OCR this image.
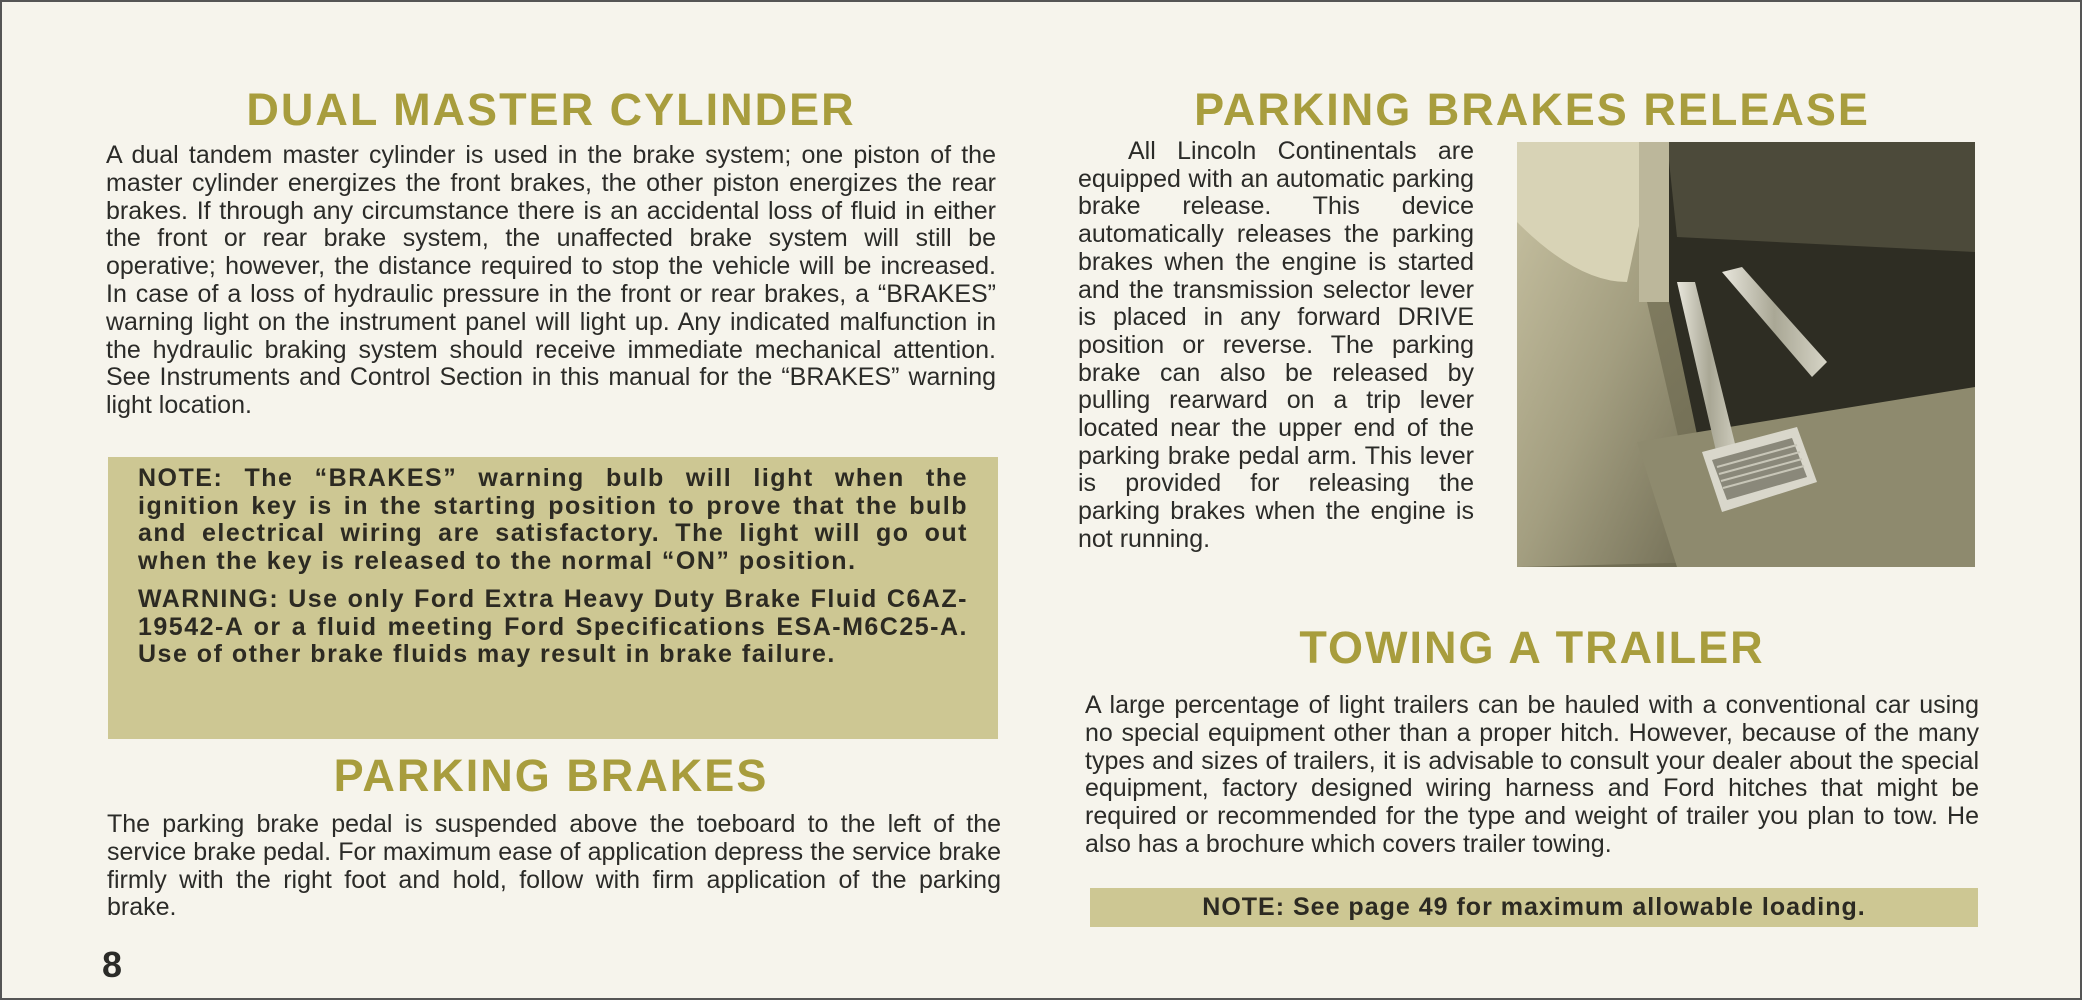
DUAL MASTER CYLINDER

A dual tandem master cylinder is used in the brake system; one piston of the master cylinder energizes the front brakes, the other piston energizes the rear brakes. If through any circumstance there is an accidental loss of fluid in either the front or rear brake system, the unaffected brake system will still be operative; however, the distance required to stop the vehicle will be increased. In case of a loss of hydraulic pressure in the front or rear brakes, a “BRAKES” warning light on the instrument panel will light up. Any indicated malfunction in the hydraulic braking system should receive immediate mechanical attention. See Instruments and Control Section in this manual for the “BRAKES” warning light location.

NOTE: The “BRAKES” warning bulb will light when the ignition key is in the starting position to prove that the bulb and electrical wiring are satisfactory. The light will go out when the key is released to the normal “ON” position.

WARNING: Use only Ford Extra Heavy Duty Brake Fluid C6AZ-19542-A or a fluid meeting Ford Specifications ESA-M6C25-A. Use of other brake fluids may result in brake failure.

PARKING BRAKES

The parking brake pedal is suspended above the toeboard to the left of the service brake pedal. For maximum ease of application depress the service brake firmly with the right foot and hold, follow with firm application of the parking brake.

8
PARKING BRAKES RELEASE

All Lincoln Continentals are equipped with an automatic parking brake release. This device automatically releases the parking brakes when the engine is started and the transmission selector lever is placed in any forward DRIVE position or reverse. The parking brake can also be released by pulling rearward on a trip lever located near the upper end of the parking brake pedal arm. This lever is provided for releasing the parking brakes when the engine is not running.

TOWING A TRAILER

A large percentage of light trailers can be hauled with a conventional car using no special equipment other than a proper hitch. However, because of the many types and sizes of trailers, it is advisable to consult your dealer about the special equipment, factory designed wiring harness and Ford hitches that might be required or recommended for the type and weight of trailer you plan to tow. He also has a brochure which covers trailer towing.

NOTE: See page 49 for maximum allowable loading.
